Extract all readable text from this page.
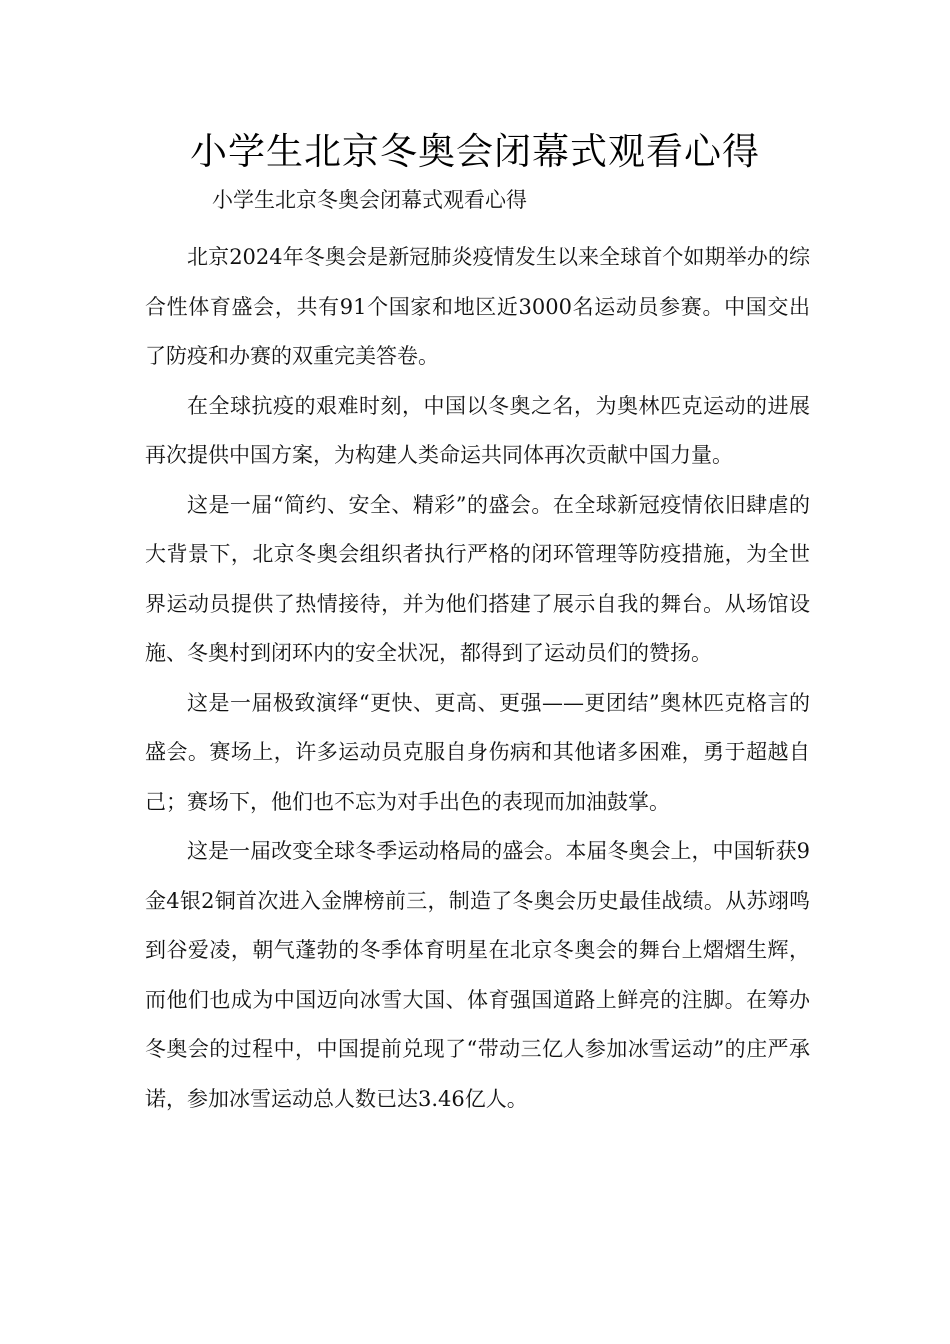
小学生北京冬奥会闭幕式观看心得

小学生北京冬奥会闭幕式观看心得

北京2024年冬奥会是新冠肺炎疫情发生以来全球首个如期举办的综合性体育盛会，共有91个国家和地区近3000名运动员参赛。中国交出了防疫和办赛的双重完美答卷。

在全球抗疫的艰难时刻，中国以冬奥之名，为奥林匹克运动的进展再次提供中国方案，为构建人类命运共同体再次贡献中国力量。

这是一届“简约、安全、精彩”的盛会。在全球新冠疫情依旧肆虐的大背景下，北京冬奥会组织者执行严格的闭环管理等防疫措施，为全世界运动员提供了热情接待，并为他们搭建了展示自我的舞台。从场馆设施、冬奥村到闭环内的安全状况，都得到了运动员们的赞扬。

这是一届极致演绎“更快、更高、更强——更团结”奥林匹克格言的盛会。赛场上，许多运动员克服自身伤病和其他诸多困难，勇于超越自己；赛场下，他们也不忘为对手出色的表现而加油鼓掌。

这是一届改变全球冬季运动格局的盛会。本届冬奥会上，中国斩获9金4银2铜首次进入金牌榜前三，制造了冬奥会历史最佳战绩。从苏翊鸣到谷爱凌，朝气蓬勃的冬季体育明星在北京冬奥会的舞台上熠熠生辉，而他们也成为中国迈向冰雪大国、体育强国道路上鲜亮的注脚。在筹办冬奥会的过程中，中国提前兑现了“带动三亿人参加冰雪运动”的庄严承诺，参加冰雪运动总人数已达3.46亿人。
